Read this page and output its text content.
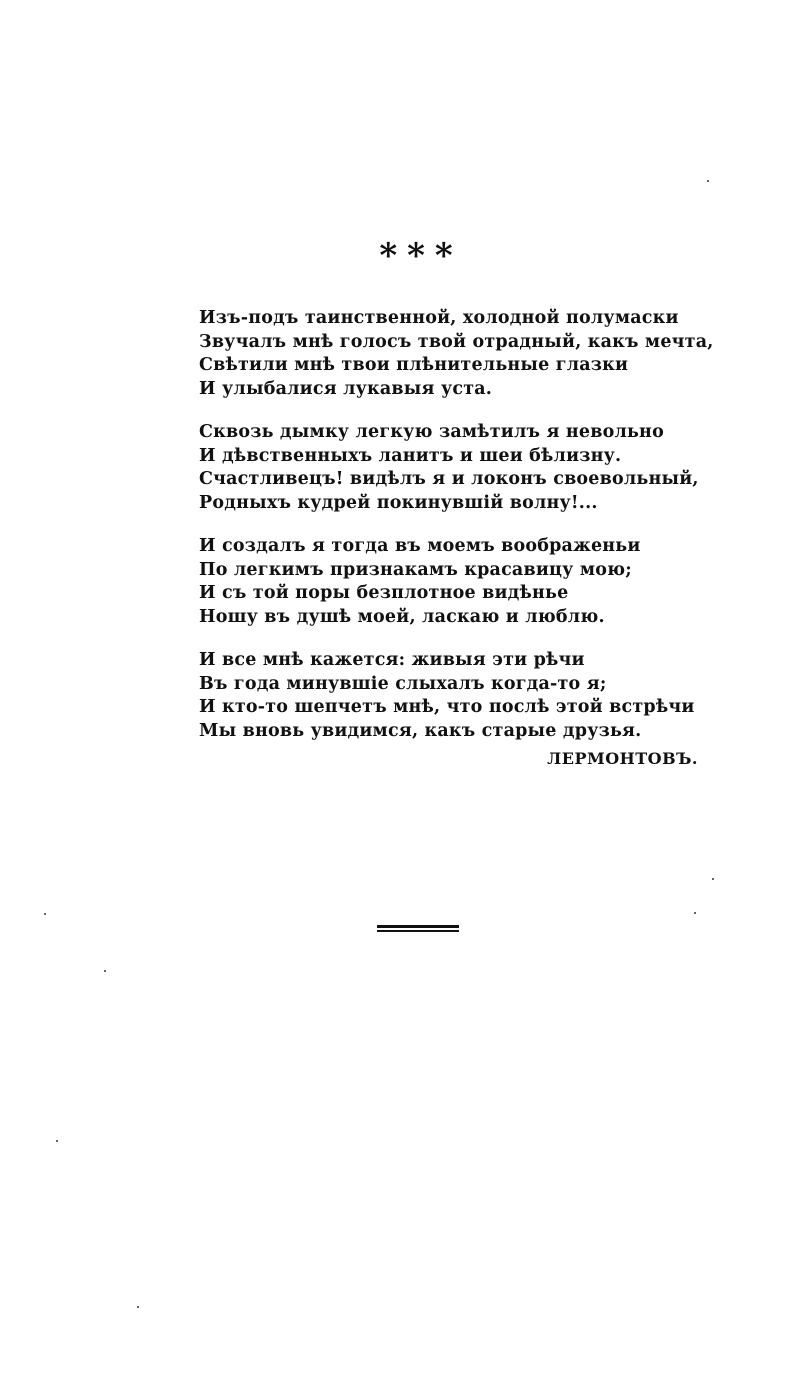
***
Изъ-подъ таинственной, холодной полумаски
Звучалъ мнѣ голосъ твой отрадный, какъ мечта,
Свѣтили мнѣ твои плѣнительные глазки
И улыбалися лукавыя уста.
Сквозь дымку легкую замѣтилъ я невольно
И дѣвственныхъ ланитъ и шеи бѣлизну.
Счастливецъ! видѣлъ я и локонъ своевольный,
Родныхъ кудрей покинувшій волну!...
И создалъ я тогда въ моемъ воображеньи
По легкимъ признакамъ красавицу мою;
И съ той поры безплотное видѣнье
Ношу въ душѣ моей, ласкаю и люблю.
И все мнѣ кажется: живыя эти рѣчи
Въ года минувшіе слыхалъ когда-то я;
И кто-то шепчетъ мнѣ, что послѣ этой встрѣчи
Мы вновь увидимся, какъ старые друзья.
ЛЕРМОНТОВЪ.
